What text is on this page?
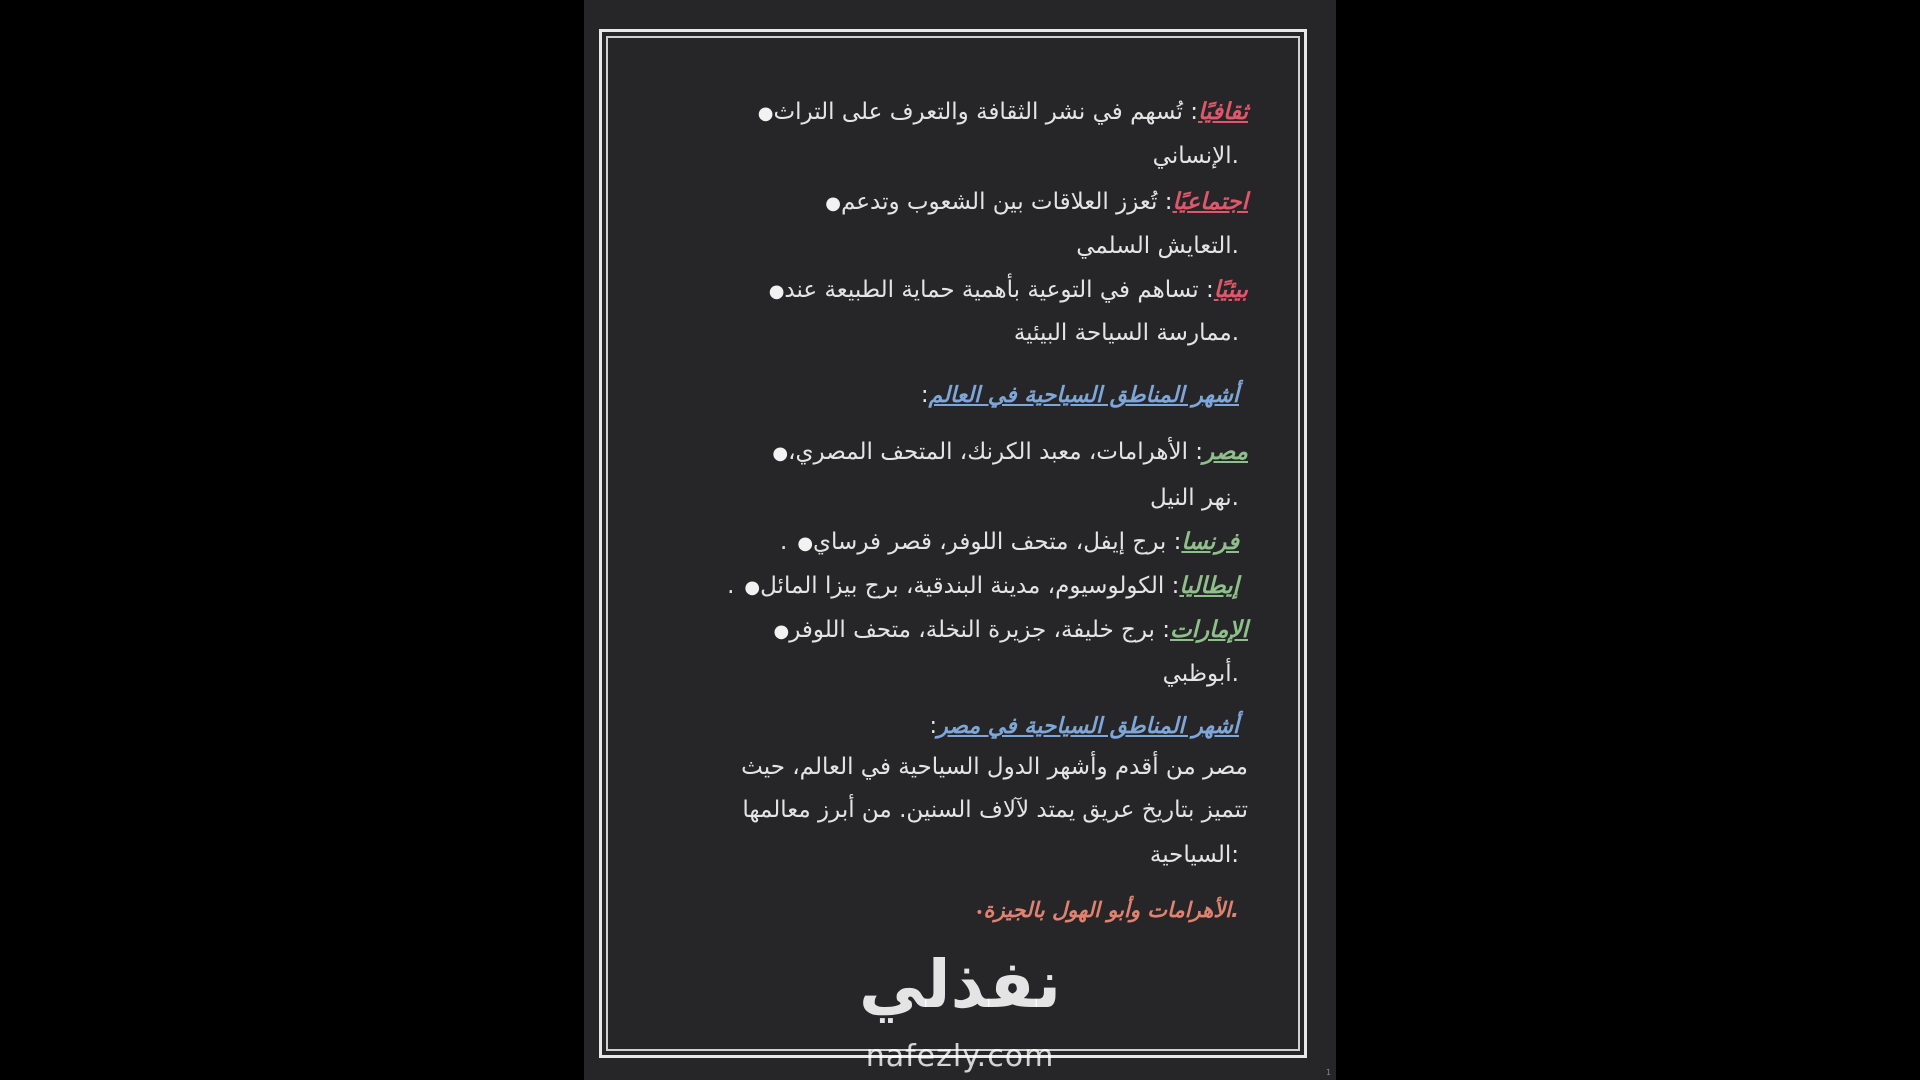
ثقافيًا: تُسهم في نشر الثقافة والتعرف على التراث●
.الإنساني
اجتماعيًا: تُعزز العلاقات بين الشعوب وتدعم●
.التعايش السلمي
بيئيًا: تساهم في التوعية بأهمية حماية الطبيعة عند●
.ممارسة السياحة البيئية
أشهر المناطق السياحية في العالم:
مصر: الأهرامات، معبد الكرنك، المتحف المصري،●
.نهر النيل
فرنسا: برج إيفل، متحف اللوفر، قصر فرساي●.
إيطاليا: الكولوسيوم، مدينة البندقية، برج بيزا المائل●.
الإمارات: برج خليفة، جزيرة النخلة، متحف اللوفر●
.أبوظبي
أشهر المناطق السياحية في مصر:
مصر من أقدم وأشهر الدول السياحية في العالم، حيث
تتميز بتاريخ عريق يمتد لآلاف السنين. من أبرز معالمها
:السياحية
.الأهرامات وأبو الهول بالجيزة•
نفذلي
nafezly.com	1
